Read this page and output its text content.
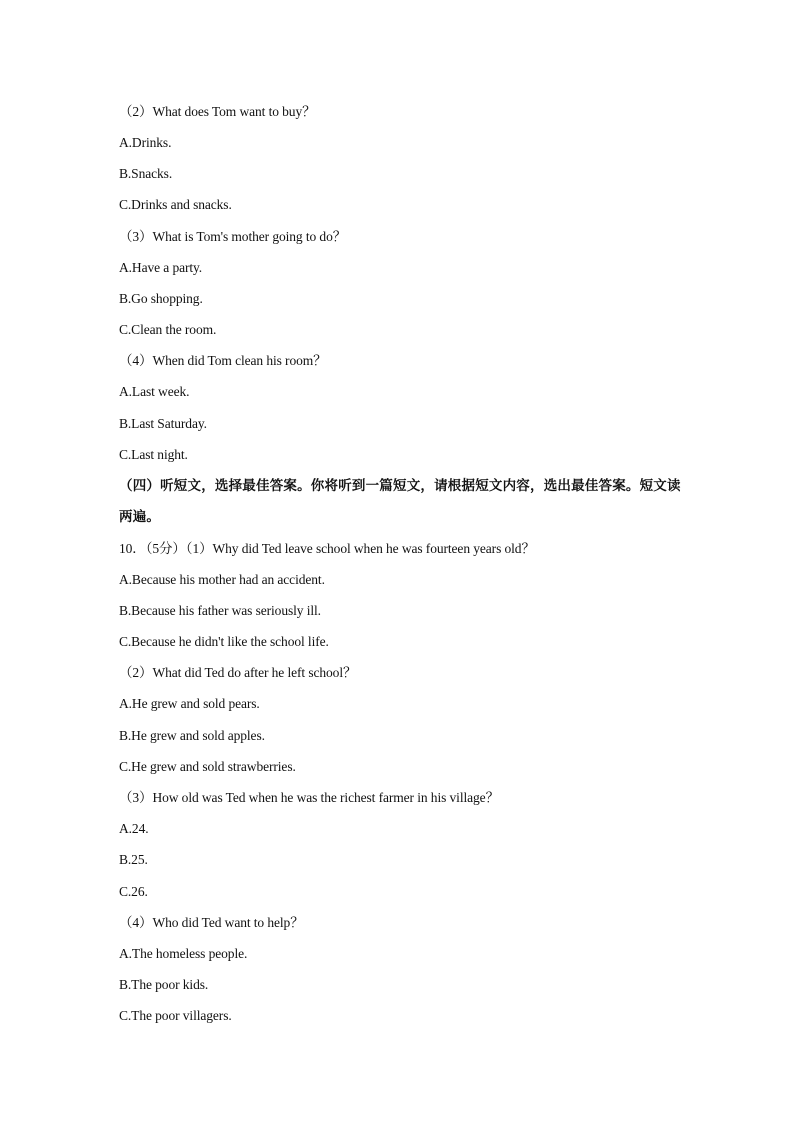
（2）What does Tom want to buy？
A.Drinks.
B.Snacks.
C.Drinks and snacks.
（3）What is Tom's mother going to do？
A.Have a party.
B.Go shopping.
C.Clean the room.
（4）When did Tom clean his room？
A.Last week.
B.Last Saturday.
C.Last night.
（四）听短文，选择最佳答案。你将听到一篇短文，请根据短文内容，选出最佳答案。短文读
两遍。
10．（5分）（1）Why did Ted leave school when he was fourteen years old？
A.Because his mother had an accident.
B.Because his father was seriously ill.
C.Because he didn't like the school life.
（2）What did Ted do after he left school？
A.He grew and sold pears.
B.He grew and sold apples.
C.He grew and sold strawberries.
（3）How old was Ted when he was the richest farmer in his village？
A.24.
B.25.
C.26.
（4）Who did Ted want to help？
A.The homeless people.
B.The poor kids.
C.The poor villagers.
